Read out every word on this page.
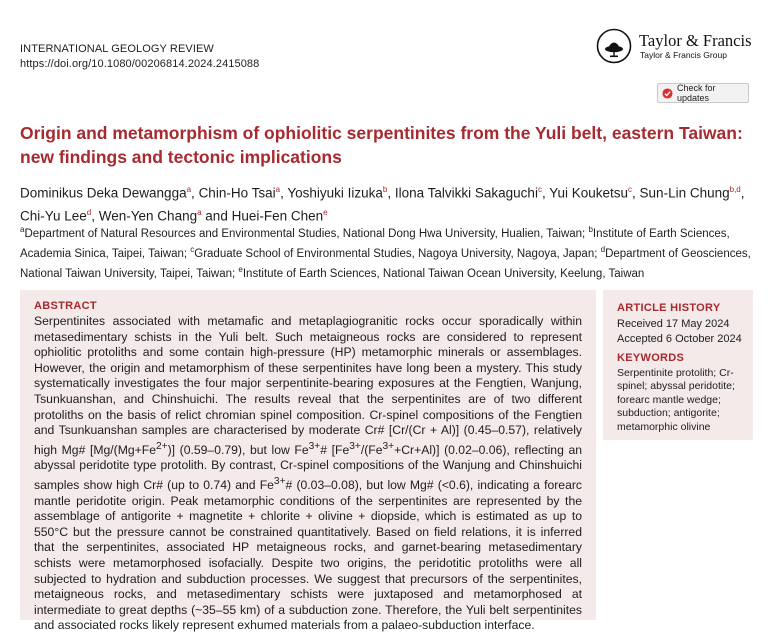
INTERNATIONAL GEOLOGY REVIEW
https://doi.org/10.1080/00206814.2024.2415088
Taylor & Francis
Taylor & Francis Group
Check for updates
Origin and metamorphism of ophiolitic serpentinites from the Yuli belt, eastern Taiwan: new findings and tectonic implications
Dominikus Deka Dewangga$^a$, Chin-Ho Tsai$^a$, Yoshiyuki Iizuka$^b$, Ilona Talvikki Sakaguchi$^c$, Yui Kouketsu$^c$, Sun-Lin Chung$^{b,d}$, Chi-Yu Lee$^d$, Wen-Yen Chang$^a$ and Huei-Fen Chen$^e$
$^a$Department of Natural Resources and Environmental Studies, National Dong Hwa University, Hualien, Taiwan; $^b$Institute of Earth Sciences, Academia Sinica, Taipei, Taiwan; $^c$Graduate School of Environmental Studies, Nagoya University, Nagoya, Japan; $^d$Department of Geosciences, National Taiwan University, Taipei, Taiwan; $^e$Institute of Earth Sciences, National Taiwan Ocean University, Keelung, Taiwan
ABSTRACT

Serpentinites associated with metamafic and metaplagiogranitic rocks occur sporadically within metasedimentary schists in the Yuli belt. Such metaigneous rocks are considered to represent ophiolitic protoliths and some contain high-pressure (HP) metamorphic minerals or assemblages. However, the origin and metamorphism of these serpentinites have long been a mystery. This study systematically investigates the four major serpentinite-bearing exposures at the Fengtien, Wanjung, Tsunkuanshan, and Chinshuichi. The results reveal that the serpentinites are of two different protoliths on the basis of relict chromian spinel composition. Cr-spinel compositions of the Fengtien and Tsunkuanshan samples are characterised by moderate Cr# [Cr/(Cr + Al)] (0.45–0.57), relatively high Mg# $[Mg/(Mg+Fe^{2+})]$ (0.59–0.79), but low $Fe^{3+}\#$ $[Fe^{3+}/(Fe^{3+}+Cr+Al)]$ (0.02–0.06), reflecting an abyssal peridotite type protolith. By contrast, Cr-spinel compositions of the Wanjung and Chinshuichi samples show high Cr# (up to 0.74) and $Fe^{3+}\#$ (0.03–0.08), but low Mg# (<0.6), indicating a forearc mantle peridotite origin. Peak metamorphic conditions of the serpentinites are represented by the assemblage of antigorite + magnetite + chlorite + olivine + diopside, which is estimated as up to 550°C but the pressure cannot be constrained quantitatively. Based on field relations, it is inferred that the serpentinites, associated HP metaigneous rocks, and garnet-bearing metasedimentary schists were metamorphosed isofacially. Despite two origins, the peridotitic protoliths were all subjected to hydration and subduction processes. We suggest that precursors of the serpentinites, metaigneous rocks, and metasedimentary schists were juxtaposed and metamorphosed at intermediate to great depths (~35–55 km) of a subduction zone. Therefore, the Yuli belt serpentinites and associated rocks likely represent exhumed materials from a palaeo-subduction interface.

ARTICLE HISTORY
Received 17 May 2024
Accepted 6 October 2024
KEYWORDS
Serpentinite protolith; Cr-spinel; abyssal peridotite; forearc mantle wedge; subduction; antigorite; metamorphic olivine
